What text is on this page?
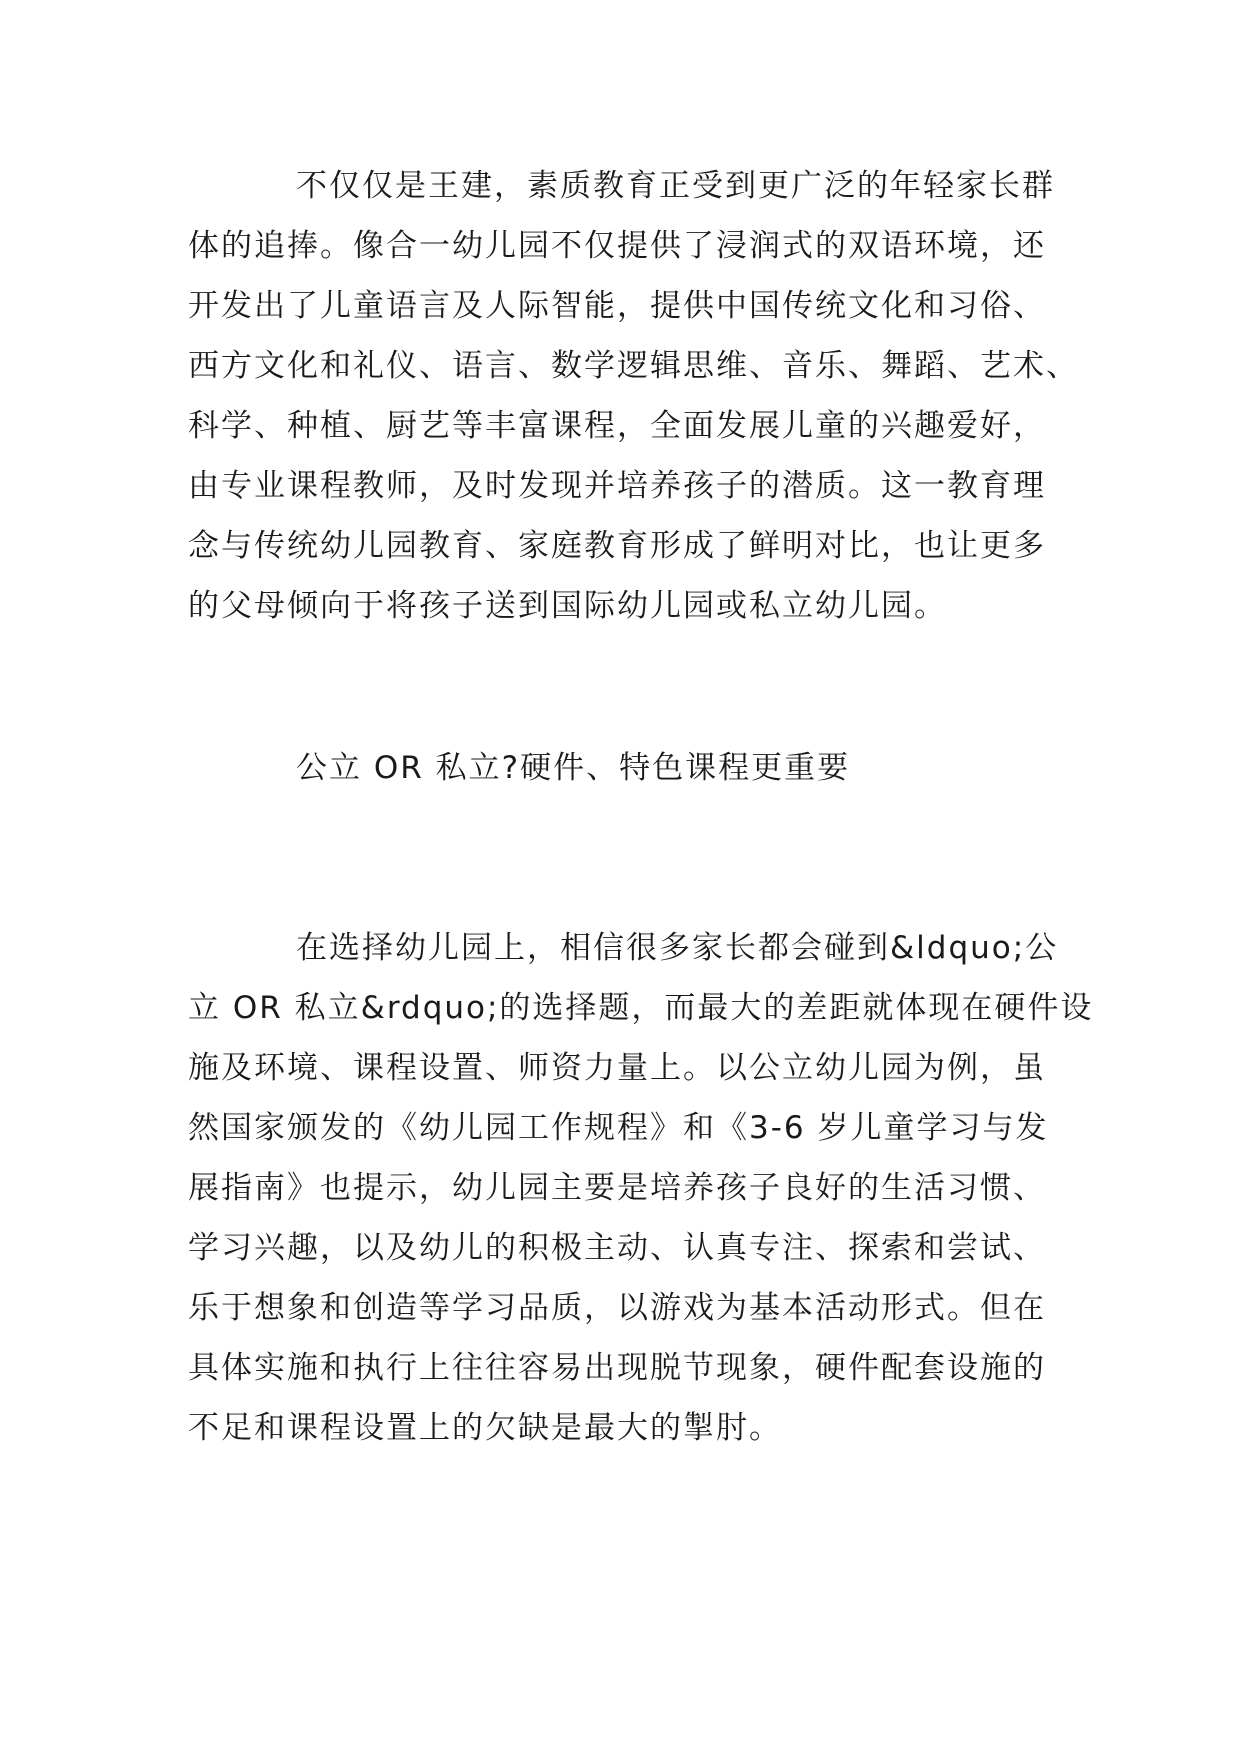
不仅仅是王建，素质教育正受到更广泛的年轻家长群
体的追捧。像合一幼儿园不仅提供了浸润式的双语环境，还
开发出了儿童语言及人际智能，提供中国传统文化和习俗、
西方文化和礼仪、语言、数学逻辑思维、音乐、舞蹈、艺术、
科学、种植、厨艺等丰富课程，全面发展儿童的兴趣爱好，
由专业课程教师，及时发现并培养孩子的潜质。这一教育理
念与传统幼儿园教育、家庭教育形成了鲜明对比，也让更多
的父母倾向于将孩子送到国际幼儿园或私立幼儿园。
公立 OR 私立?硬件、特色课程更重要
在选择幼儿园上，相信很多家长都会碰到&ldquo;公
立 OR 私立&rdquo;的选择题，而最大的差距就体现在硬件设
施及环境、课程设置、师资力量上。以公立幼儿园为例，虽
然国家颁发的《幼儿园工作规程》和《3-6 岁儿童学习与发
展指南》也提示，幼儿园主要是培养孩子良好的生活习惯、
学习兴趣，以及幼儿的积极主动、认真专注、探索和尝试、
乐于想象和创造等学习品质，以游戏为基本活动形式。但在
具体实施和执行上往往容易出现脱节现象，硬件配套设施的
不足和课程设置上的欠缺是最大的掣肘。
